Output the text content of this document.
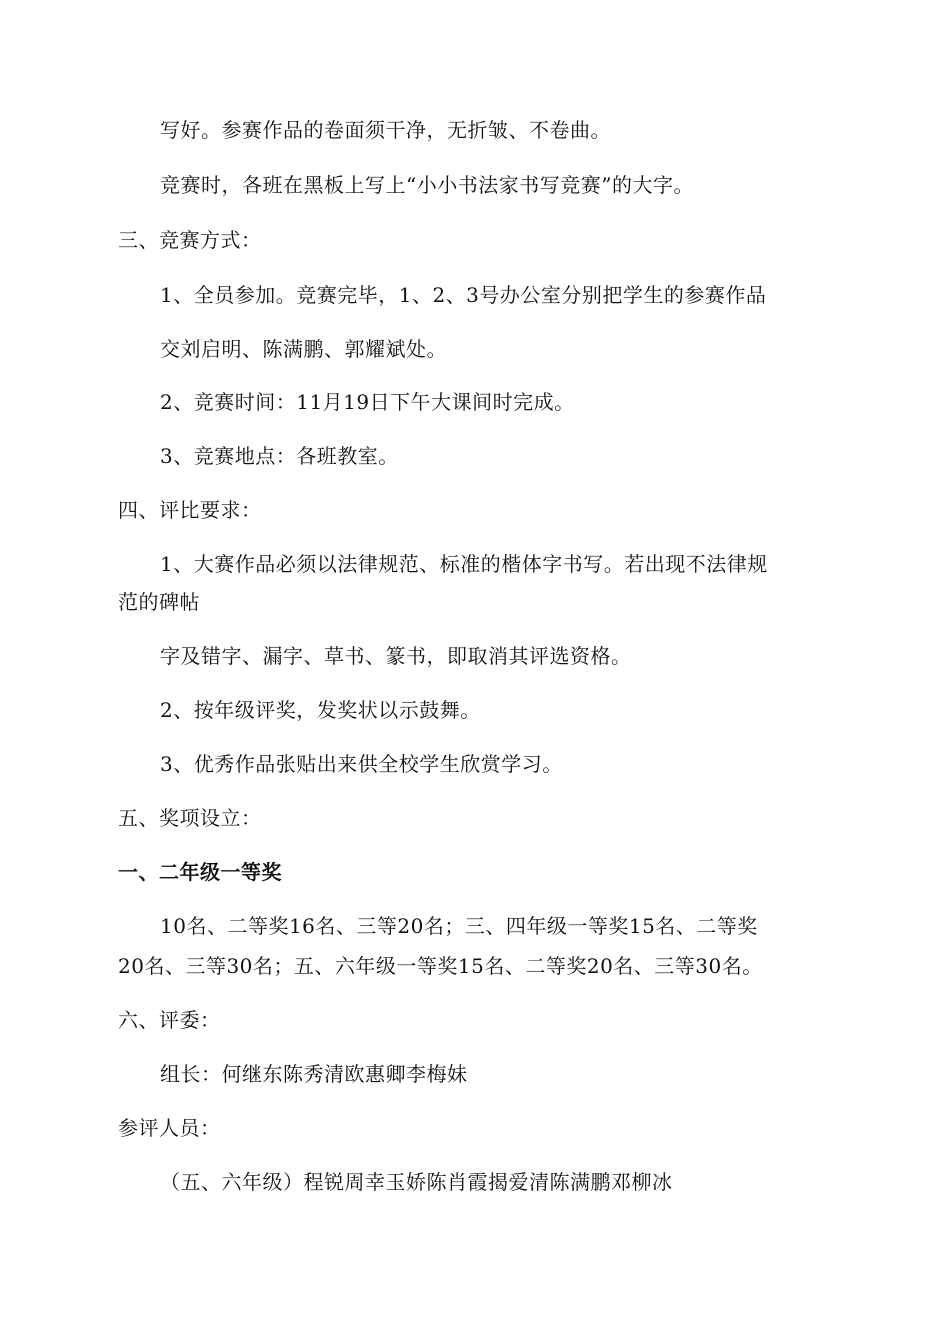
写好。参赛作品的卷面须干净，无折皱、不卷曲。
竞赛时，各班在黑板上写上“小小书法家书写竞赛”的大字。
三、竞赛方式：
1、全员参加。竞赛完毕，1、2、3号办公室分别把学生的参赛作品
交刘启明、陈满鹏、郭耀斌处。
2、竞赛时间：11月19日下午大课间时完成。
3、竞赛地点：各班教室。
四、评比要求：
1、大赛作品必须以法律规范、标准的楷体字书写。若出现不法律规
范的碑帖
字及错字、漏字、草书、篆书，即取消其评选资格。
2、按年级评奖，发奖状以示鼓舞。
3、优秀作品张贴出来供全校学生欣赏学习。
五、奖项设立：
一、二年级一等奖
10名、二等奖16名、三等20名；三、四年级一等奖15名、二等奖
20名、三等30名；五、六年级一等奖15名、二等奖20名、三等30名。
六、评委：
组长：何继东陈秀清欧惠卿李梅妹
参评人员：
（五、六年级）程锐周幸玉娇陈肖霞揭爱清陈满鹏邓柳冰
